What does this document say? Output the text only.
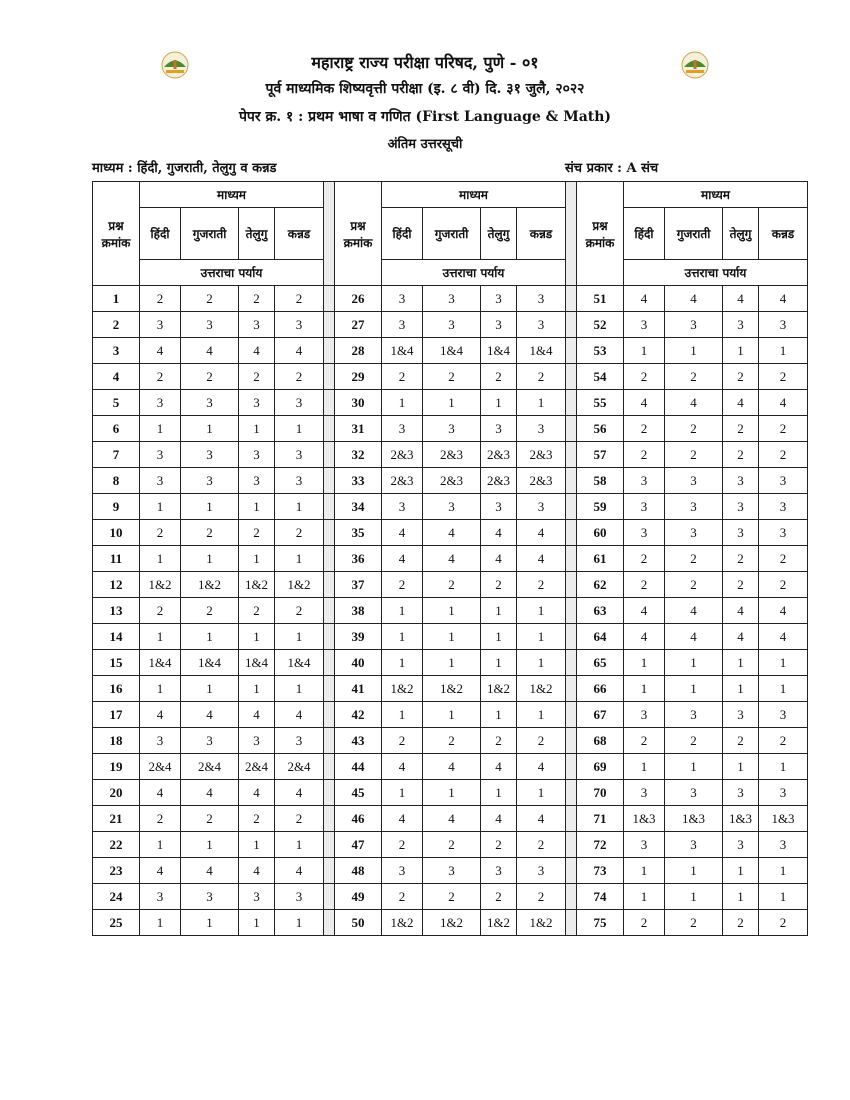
महाराष्ट्र राज्य परीक्षा परिषद, पुणे - ०१
पूर्व माध्यमिक शिष्यवृत्ती परीक्षा (इ. ८ वी) दि. ३१ जुलै, २०२२
पेपर क्र. १ : प्रथम भाषा व गणित (First Language & Math)
अंतिम उत्तरसूची
माध्यम : हिंदी, गुजराती, तेलुगु व कन्नड	संच प्रकार : A संच
प्रश्न क्रमांक	माध्यम					प्रश्न क्रमांक	माध्यम					प्रश्न क्रमांक	माध्यम			
	हिंदी	गुजराती	तेलुगु	कन्नड			हिंदी	गुजराती	तेलुगु	कन्नड			हिंदी	गुजराती	तेलुगु	कन्नड
	उत्तराचा पर्याय						उत्तराचा पर्याय						उत्तराचा पर्याय			
1	2	2	2	2		26	3	3	3	3		51	4	4	4	4
2	3	3	3	3		27	3	3	3	3		52	3	3	3	3
3	4	4	4	4		28	1&4	1&4	1&4	1&4		53	1	1	1	1
4	2	2	2	2		29	2	2	2	2		54	2	2	2	2
5	3	3	3	3		30	1	1	1	1		55	4	4	4	4
6	1	1	1	1		31	3	3	3	3		56	2	2	2	2
7	3	3	3	3		32	2&3	2&3	2&3	2&3		57	2	2	2	2
8	3	3	3	3		33	2&3	2&3	2&3	2&3		58	3	3	3	3
9	1	1	1	1		34	3	3	3	3		59	3	3	3	3
10	2	2	2	2		35	4	4	4	4		60	3	3	3	3
11	1	1	1	1		36	4	4	4	4		61	2	2	2	2
12	1&2	1&2	1&2	1&2		37	2	2	2	2		62	2	2	2	2
13	2	2	2	2		38	1	1	1	1		63	4	4	4	4
14	1	1	1	1		39	1	1	1	1		64	4	4	4	4
15	1&4	1&4	1&4	1&4		40	1	1	1	1		65	1	1	1	1
16	1	1	1	1		41	1&2	1&2	1&2	1&2		66	1	1	1	1
17	4	4	4	4		42	1	1	1	1		67	3	3	3	3
18	3	3	3	3		43	2	2	2	2		68	2	2	2	2
19	2&4	2&4	2&4	2&4		44	4	4	4	4		69	1	1	1	1
20	4	4	4	4		45	1	1	1	1		70	3	3	3	3
21	2	2	2	2		46	4	4	4	4		71	1&3	1&3	1&3	1&3
22	1	1	1	1		47	2	2	2	2		72	3	3	3	3
23	4	4	4	4		48	3	3	3	3		73	1	1	1	1
24	3	3	3	3		49	2	2	2	2		74	1	1	1	1
25	1	1	1	1		50	1&2	1&2	1&2	1&2		75	2	2	2	2
